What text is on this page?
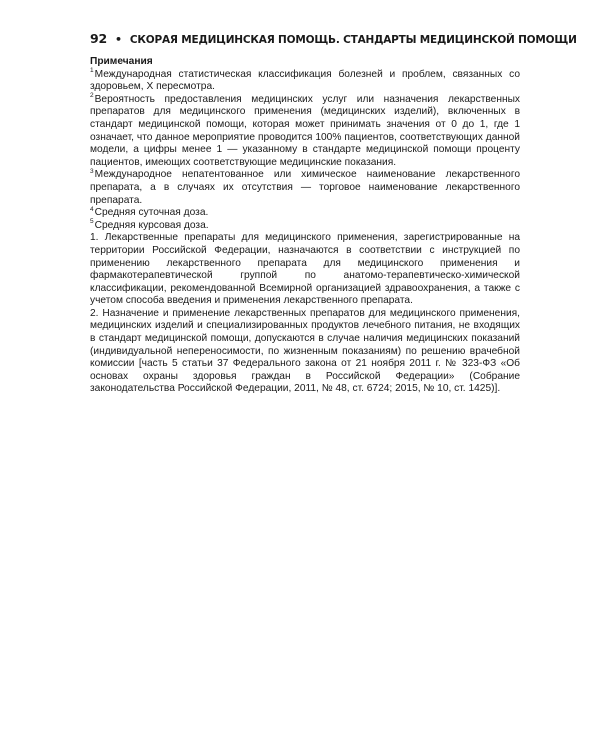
92 • СКОРАЯ МЕДИЦИНСКАЯ ПОМОЩЬ. СТАНДАРТЫ МЕДИЦИНСКОЙ ПОМОЩИ

Примечания

$^1$Международная статистическая классификация болезней и проблем, связанных со здоровьем, X пересмотра.

$^2$Вероятность предоставления медицинских услуг или назначения лекарственных препаратов для медицинского применения (медицинских изделий), включенных в стандарт медицинской помощи, которая может принимать значения от 0 до 1, где 1 означает, что данное мероприятие проводится 100% пациентов, соответствующих данной модели, а цифры менее 1 — указанному в стандарте медицинской помощи проценту пациентов, имеющих соответствующие медицинские показания.

$^3$Международное непатентованное или химическое наименование лекарственного препарата, а в случаях их отсутствия — торговое наименование лекарственного препарата.

$^4$Средняя суточная доза.

$^5$Средняя курсовая доза.

1. Лекарственные препараты для медицинского применения, зарегистрированные на территории Российской Федерации, назначаются в соответствии с инструкцией по применению лекарственного препарата для медицинского применения и фармакотерапевтической группой по анатомо-терапевтическо-химической классификации, рекомендованной Всемирной организацией здравоохранения, а также с учетом способа введения и применения лекарственного препарата.

2. Назначение и применение лекарственных препаратов для медицинского применения, медицинских изделий и специализированных продуктов лечебного питания, не входящих в стандарт медицинской помощи, допускаются в случае наличия медицинских показаний (индивидуальной непереносимости, по жизненным показаниям) по решению врачебной комиссии [часть 5 статьи 37 Федерального закона от 21 ноября 2011 г. № 323-ФЗ «Об основах охраны здоровья граждан в Российской Федерации» (Собрание законодательства Российской Федерации, 2011, № 48, ст. 6724; 2015, № 10, ст. 1425)].
